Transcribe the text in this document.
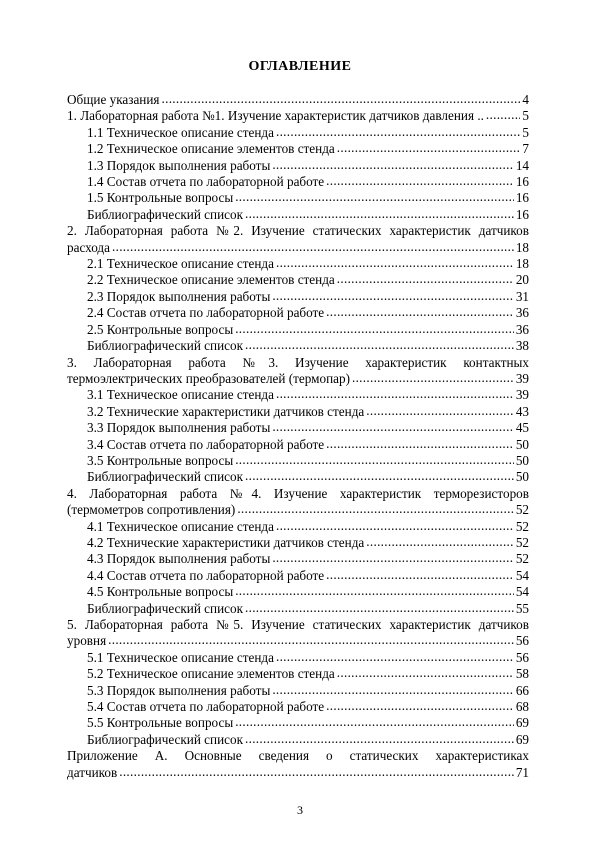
ОГЛАВЛЕНИЕ
Общие указания .....	4
1. Лабораторная работа №1. Изучение характеристик датчиков давления .. .....	5
1.1 Техническое описание стенда .....	5
1.2 Техническое описание элементов стенда .....	7
1.3 Порядок выполнения работы .....	14
1.4 Состав отчета по лабораторной работе .....	16
1.5 Контрольные вопросы .....	16
Библиографический список .....	16
2. Лабораторная работа №2. Изучение статических характеристик датчиков
расхода .....	18
2.1 Техническое описание стенда .....	18
2.2 Техническое описание элементов стенда .....	20
2.3 Порядок выполнения работы .....	31
2.4 Состав отчета по лабораторной работе .....	36
2.5 Контрольные вопросы .....	36
Библиографический список .....	38
3. Лабораторная работа №3. Изучение характеристик контактных
термоэлектрических преобразователей (термопар) .....	39
3.1 Техническое описание стенда .....	39
3.2 Технические характеристики датчиков стенда .....	43
3.3 Порядок выполнения работы .....	45
3.4 Состав отчета по лабораторной работе .....	50
3.5 Контрольные вопросы .....	50
Библиографический список .....	50
4. Лабораторная работа №4. Изучение характеристик терморезисторов
(термометров сопротивления) .....	52
4.1 Техническое описание стенда .....	52
4.2 Технические характеристики датчиков стенда .....	52
4.3 Порядок выполнения работы .....	52
4.4 Состав отчета по лабораторной работе .....	54
4.5 Контрольные вопросы .....	54
Библиографический список .....	55
5. Лабораторная работа №5. Изучение статических характеристик датчиков
уровня .....	56
5.1 Техническое описание стенда .....	56
5.2 Техническое описание элементов стенда .....	58
5.3 Порядок выполнения работы .....	66
5.4 Состав отчета по лабораторной работе .....	68
5.5 Контрольные вопросы .....	69
Библиографический список .....	69
Приложение А. Основные сведения о статических характеристиках
датчиков .....	71
3
